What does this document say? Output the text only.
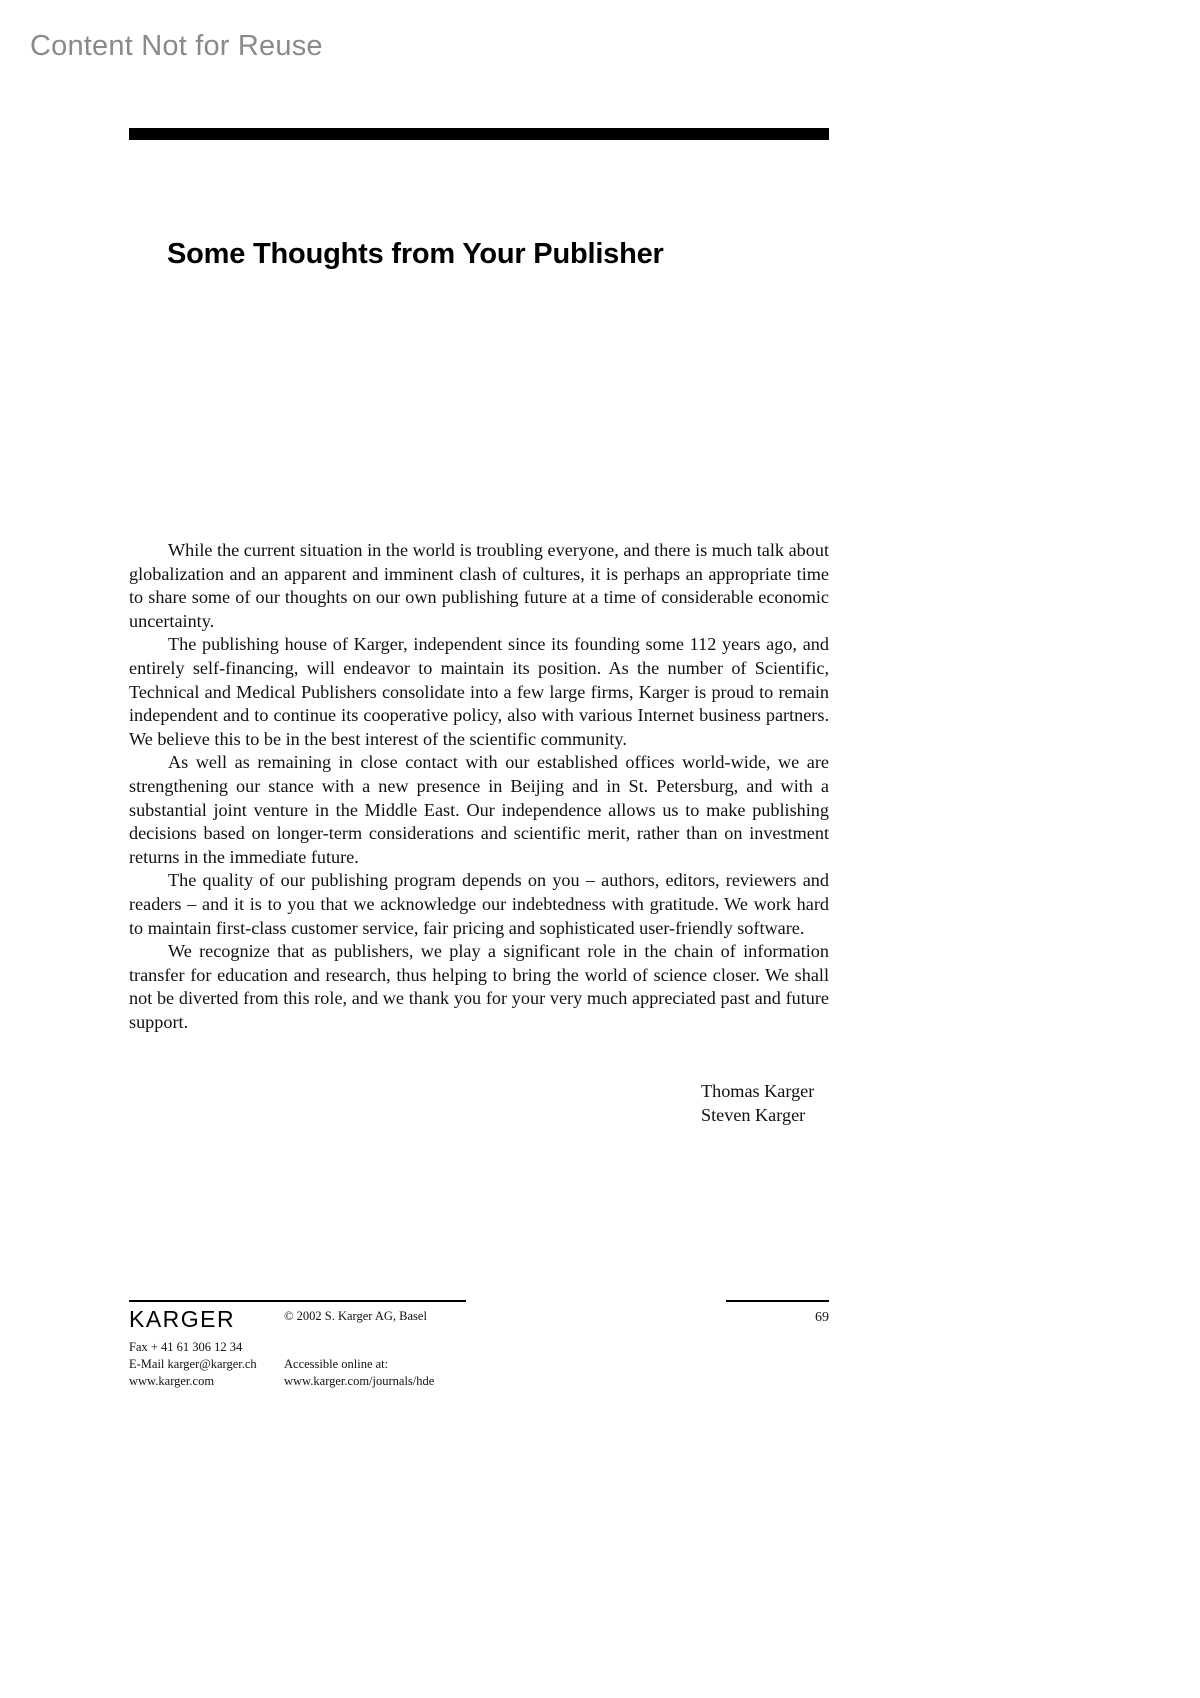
Content Not for Reuse
Some Thoughts from Your Publisher

While the current situation in the world is troubling everyone, and there is much talk about globalization and an apparent and imminent clash of cultures, it is perhaps an appropriate time to share some of our thoughts on our own publishing future at a time of considerable economic uncertainty.

The publishing house of Karger, independent since its founding some 112 years ago, and entirely self-financing, will endeavor to maintain its position. As the number of Scientific, Technical and Medical Publishers consolidate into a few large firms, Karger is proud to remain independent and to continue its cooperative policy, also with various Internet business partners. We believe this to be in the best interest of the scientific community.

As well as remaining in close contact with our established offices world-wide, we are strengthening our stance with a new presence in Beijing and in St. Petersburg, and with a substantial joint venture in the Middle East. Our independence allows us to make publishing decisions based on longer-term considerations and scientific merit, rather than on investment returns in the immediate future.

The quality of our publishing program depends on you – authors, editors, reviewers and readers – and it is to you that we acknowledge our indebtedness with gratitude. We work hard to maintain first-class customer service, fair pricing and sophisticated user-friendly software.

We recognize that as publishers, we play a significant role in the chain of information transfer for education and research, thus helping to bring the world of science closer. We shall not be diverted from this role, and we thank you for your very much appreciated past and future support.

Thomas Karger
Steven Karger
KARGER	© 2002 S. Karger AG, Basel	69
Fax + 41 61 306 12 34
E-Mail karger@karger.ch
www.karger.com
Accessible online at:
www.karger.com/journals/hde
